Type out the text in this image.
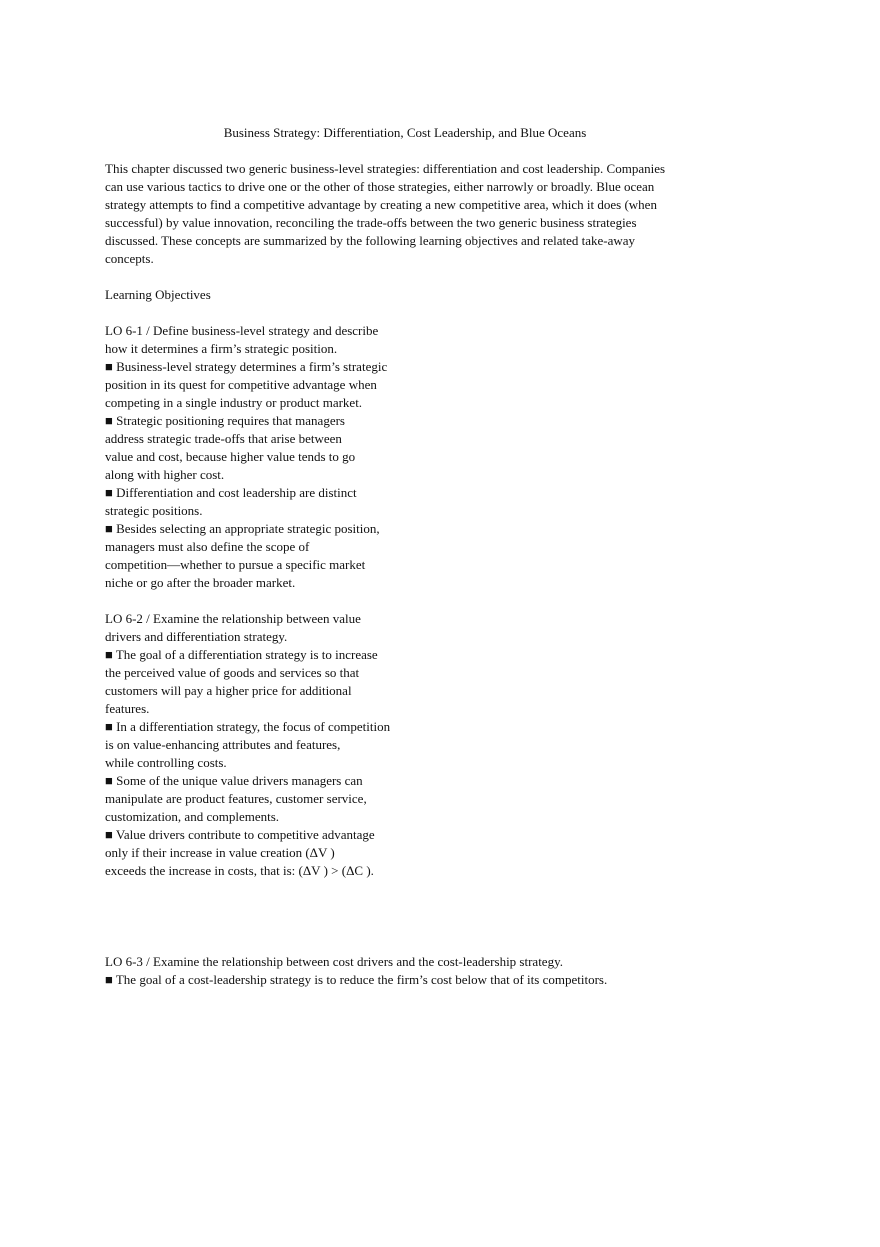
Business Strategy: Differentiation, Cost Leadership, and Blue Oceans

This chapter discussed two generic business-level strategies: differentiation and cost leadership. Companies
can use various tactics to drive one or the other of those strategies, either narrowly or broadly. Blue ocean
strategy attempts to find a competitive advantage by creating a new competitive area, which it does (when
successful) by value innovation, reconciling the trade-offs between the two generic business strategies
discussed. These concepts are summarized by the following learning objectives and related take-away
concepts.

Learning Objectives

LO 6-1 / Define business-level strategy and describe
how it determines a firm’s strategic position.
■ Business-level strategy determines a firm’s strategic
position in its quest for competitive advantage when
competing in a single industry or product market.
■ Strategic positioning requires that managers
address strategic trade-offs that arise between
value and cost, because higher value tends to go
along with higher cost.
■ Differentiation and cost leadership are distinct
strategic positions.
■ Besides selecting an appropriate strategic position,
managers must also define the scope of
competition—whether to pursue a specific market
niche or go after the broader market.

LO 6-2 / Examine the relationship between value
drivers and differentiation strategy.
■ The goal of a differentiation strategy is to increase
the perceived value of goods and services so that
customers will pay a higher price for additional
features.
■ In a differentiation strategy, the focus of competition
is on value-enhancing attributes and features,
while controlling costs.
■ Some of the unique value drivers managers can
manipulate are product features, customer service,
customization, and complements.
■ Value drivers contribute to competitive advantage
only if their increase in value creation (ΔV )
exceeds the increase in costs, that is: (ΔV ) > (ΔC ).

LO 6-3 / Examine the relationship between cost drivers and the cost-leadership strategy.
■ The goal of a cost-leadership strategy is to reduce the firm’s cost below that of its competitors.
